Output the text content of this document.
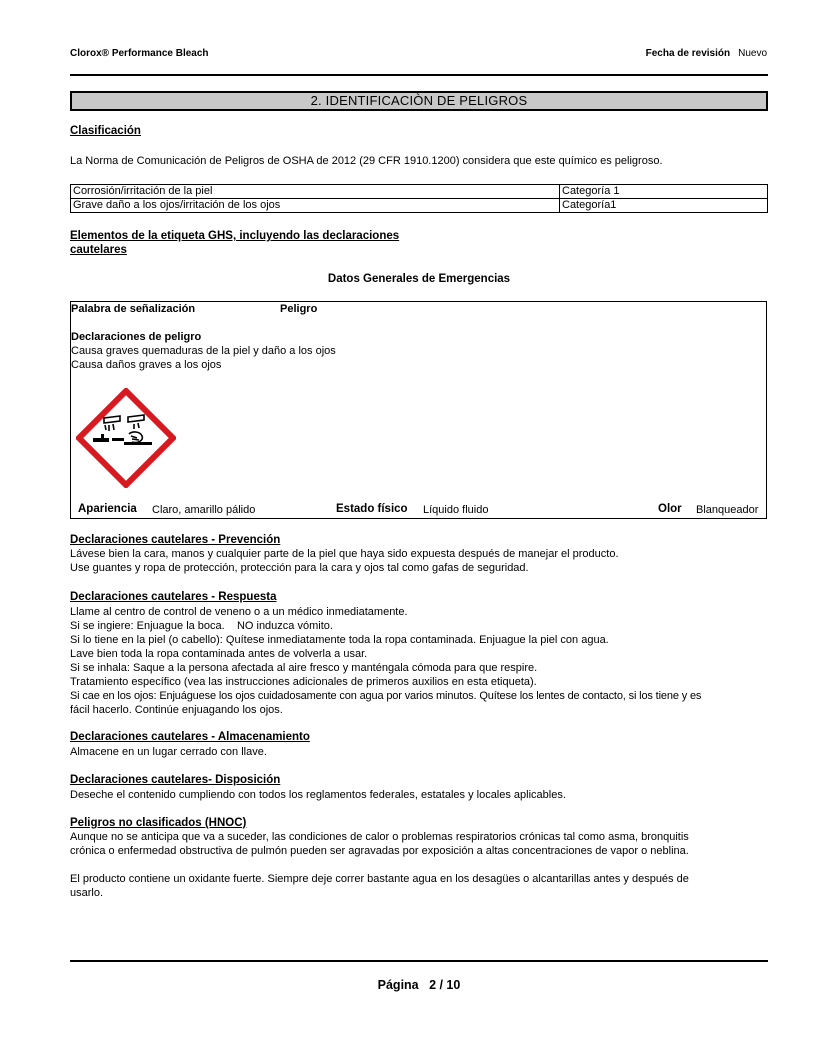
Clorox® Performance Bleach	Fecha de revisión Nuevo
2. IDENTIFICACIÒN DE PELIGROS
Clasificación
La Norma de Comunicación de Peligros de OSHA de 2012 (29 CFR 1910.1200) considera que este químico es peligroso.
Corrosión/irritación de la piel	Categoría 1
Grave daño a los ojos/irritación de los ojos	Categoría1
Elementos de la etiqueta GHS, incluyendo las declaraciones
cautelares
Datos Generales de Emergencias
Palabra de señalización	Peligro
Declaraciones de peligro
Causa graves quemaduras de la piel y daño a los ojos
Causa daños graves a los ojos
Apariencia Claro, amarillo pálido	Estado físico Líquido fluido	Olor Blanqueador
Declaraciones cautelares - Prevención
Lávese bien la cara, manos y cualquier parte de la piel que haya sido expuesta después de manejar el producto.
Use guantes y ropa de protección, protección para la cara y ojos tal como gafas de seguridad.
Declaraciones cautelares - Respuesta
Llame al centro de control de veneno o a un médico inmediatamente.
Si se ingiere: Enjuague la boca.    NO induzca vómito.
Si lo tiene en la piel (o cabello): Quítese inmediatamente toda la ropa contaminada. Enjuague la piel con agua.
Lave bien toda la ropa contaminada antes de volverla a usar.
Si se inhala: Saque a la persona afectada al aire fresco y manténgala cómoda para que respire.
Tratamiento específico (vea las instrucciones adicionales de primeros auxilios en esta etiqueta).
Si cae en los ojos: Enjuáguese los ojos cuidadosamente con agua por varios minutos. Quítese los lentes de contacto, si los tiene y es
fácil hacerlo. Continúe enjuagando los ojos.
Declaraciones cautelares - Almacenamiento
Almacene en un lugar cerrado con llave.
Declaraciones cautelares- Disposición
Deseche el contenido cumpliendo con todos los reglamentos federales, estatales y locales aplicables.
Peligros no clasificados (HNOC)
Aunque no se anticipa que va a suceder, las condiciones de calor o problemas respiratorios crónicas tal como asma, bronquitis
crónica o enfermedad obstructiva de pulmón pueden ser agravadas por exposición a altas concentraciones de vapor o neblina.
El producto contiene un oxidante fuerte. Siempre deje correr bastante agua en los desagües o alcantarillas antes y después de
usarlo.
Página 2 / 10
